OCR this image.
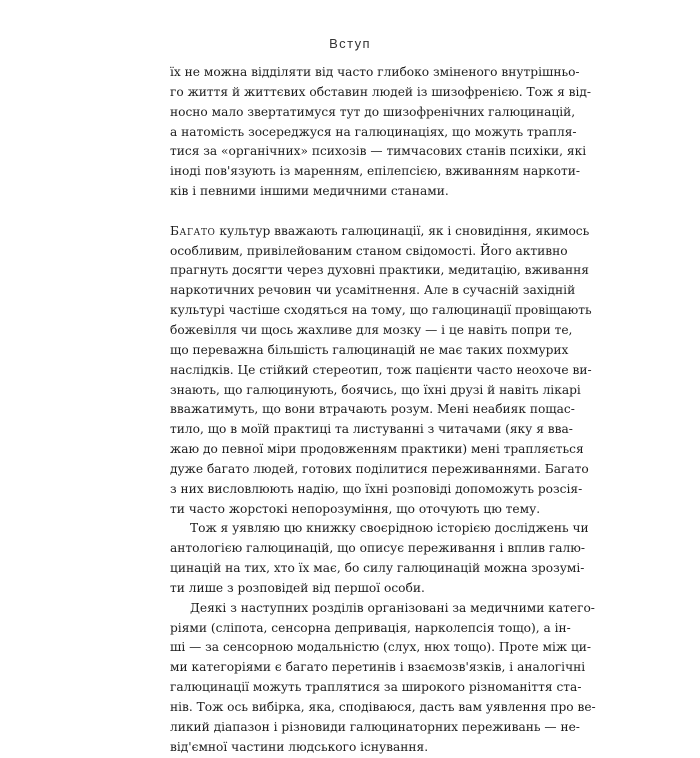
Вступ
їх не можна відділяти від часто глибоко зміненого внутрішньо-
го життя й життєвих обставин людей із шизофренією. Тож я від-
носно мало звертатимуся тут до шизофренічних галюцинацій,
а натомість зосереджуся на галюцинаціях, що можуть трапля-
тися за «органічних» психозів — тимчасових станів психіки, які
іноді пов'язують із маренням, епілепсією, вживанням наркоти-
ків і певними іншими медичними станами.
Багато культур вважають галюцинації, як і сновидіння, якимось
особливим, привілейованим станом свідомості. Його активно
прагнуть досягти через духовні практики, медитацію, вживання
наркотичних речовин чи усамітнення. Але в сучасній західній
культурі частіше сходяться на тому, що галюцинації провіщають
божевілля чи щось жахливе для мозку — і це навіть попри те,
що переважна більшість галюцинацій не має таких похмурих
наслідків. Це стійкий стереотип, тож пацієнти часто неохоче ви-
знають, що галюцинують, боячись, що їхні друзі й навіть лікарі
вважатимуть, що вони втрачають розум. Мені неабияк пощас-
тило, що в моїй практиці та листуванні з читачами (яку я вва-
жаю до певної міри продовженням практики) мені трапляється
дуже багато людей, готових поділитися переживаннями. Багато
з них висловлюють надію, що їхні розповіді допоможуть розсія-
ти часто жорстокі непорозуміння, що оточують цю тему.
Тож я уявляю цю книжку своєрідною історією досліджень чи
антологією галюцинацій, що описує переживання і вплив галю-
цинацій на тих, хто їх має, бо силу галюцинацій можна зрозумі-
ти лише з розповідей від першої особи.
Деякі з наступних розділів організовані за медичними катего-
ріями (сліпота, сенсорна депривація, нарколепсія тощо), а ін-
ші — за сенсорною модальністю (слух, нюх тощо). Проте між ци-
ми категоріями є багато перетинів і взаємозв'язків, і аналогічні
галюцинації можуть траплятися за широкого різноманіття ста-
нів. Тож ось вибірка, яка, сподіваюся, дасть вам уявлення про ве-
ликий діапазон і різновиди галюцинаторних переживань — не-
від'ємної частини людського існування.
